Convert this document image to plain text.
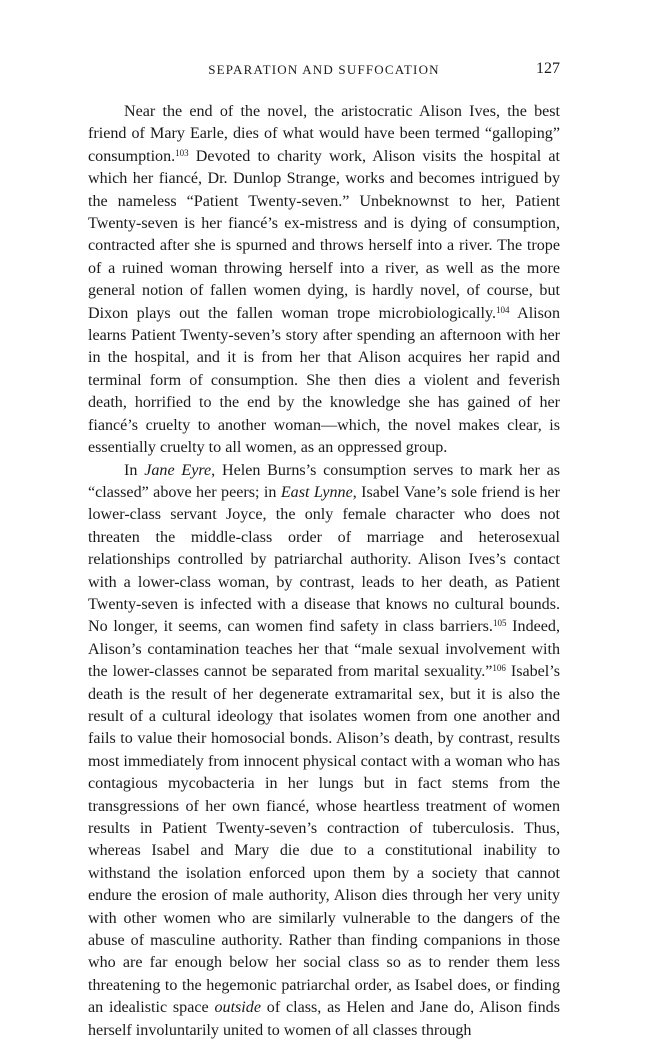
SEPARATION AND SUFFOCATION	127

Near the end of the novel, the aristocratic Alison Ives, the best friend of Mary Earle, dies of what would have been termed “galloping” consumption.$^{103}$ Devoted to charity work, Alison visits the hospital at which her fiancé, Dr. Dunlop Strange, works and becomes intrigued by the nameless “Patient Twenty-seven.” Unbeknownst to her, Patient Twenty-seven is her fiancé’s ex-mistress and is dying of consumption, contracted after she is spurned and throws herself into a river. The trope of a ruined woman throwing herself into a river, as well as the more general notion of fallen women dying, is hardly novel, of course, but Dixon plays out the fallen woman trope microbiologically.$^{104}$ Alison learns Patient Twenty-seven’s story after spending an afternoon with her in the hospital, and it is from her that Alison acquires her rapid and terminal form of consumption. She then dies a violent and feverish death, horrified to the end by the knowledge she has gained of her fiancé’s cruelty to another woman—which, the novel makes clear, is essentially cruelty to all women, as an oppressed group.

In Jane Eyre, Helen Burns’s consumption serves to mark her as “classed” above her peers; in East Lynne, Isabel Vane’s sole friend is her lower-class servant Joyce, the only female character who does not threaten the middle-class order of marriage and heterosexual relationships controlled by patriarchal authority. Alison Ives’s contact with a lower-class woman, by contrast, leads to her death, as Patient Twenty-seven is infected with a disease that knows no cultural bounds. No longer, it seems, can women find safety in class barriers.$^{105}$ Indeed, Alison’s contamination teaches her that “male sexual involvement with the lower-classes cannot be separated from marital sexuality.”$^{106}$ Isabel’s death is the result of her degenerate extramarital sex, but it is also the result of a cultural ideology that isolates women from one another and fails to value their homosocial bonds. Alison’s death, by contrast, results most immediately from innocent physical contact with a woman who has contagious mycobacteria in her lungs but in fact stems from the transgressions of her own fiancé, whose heartless treatment of women results in Patient Twenty-seven’s contraction of tuberculosis. Thus, whereas Isabel and Mary die due to a constitutional inability to withstand the isolation enforced upon them by a society that cannot endure the erosion of male authority, Alison dies through her very unity with other women who are similarly vulnerable to the dangers of the abuse of masculine authority. Rather than finding companions in those who are far enough below her social class so as to render them less threatening to the hegemonic patriarchal order, as Isabel does, or finding an idealistic space outside of class, as Helen and Jane do, Alison finds herself involuntarily united to women of all classes through
